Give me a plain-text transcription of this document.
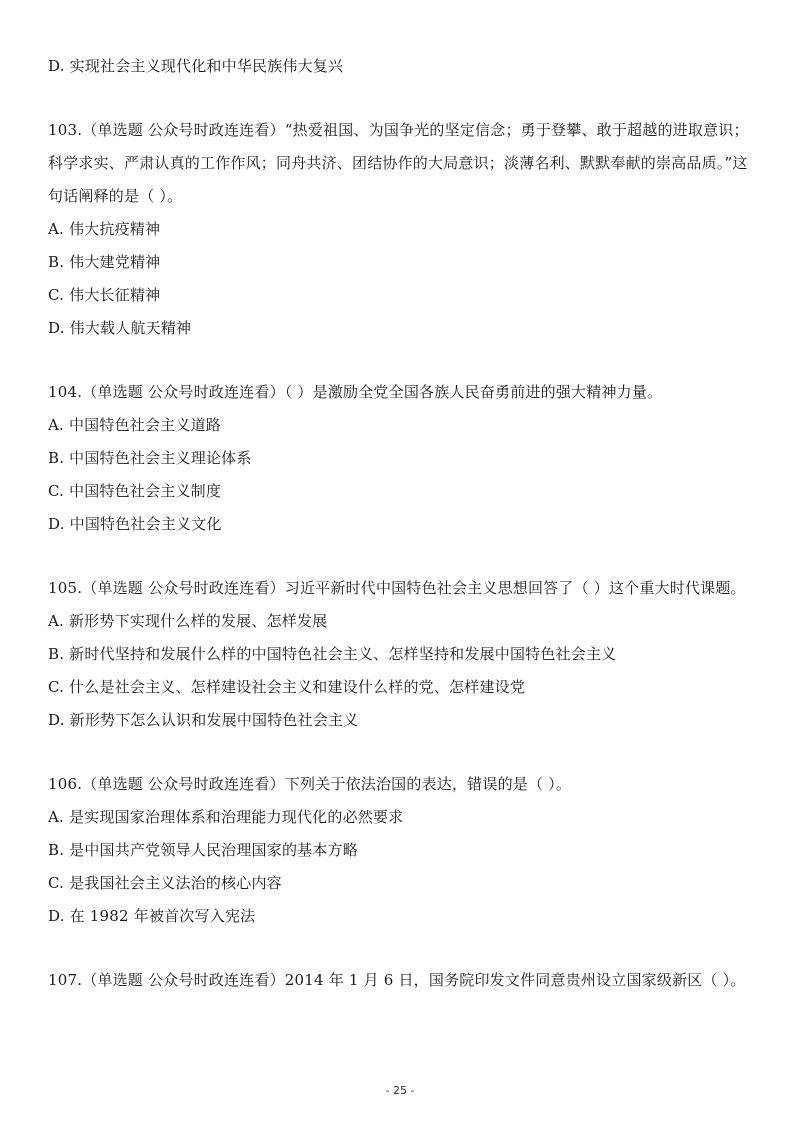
D. 实现社会主义现代化和中华民族伟大复兴
103.（单选题 公众号时政连连看）“热爱祖国、为国争光的坚定信念；勇于登攀、敢于超越的进取意识；科学求实、严肃认真的工作作风；同舟共济、团结协作的大局意识；淡薄名利、默默奉献的崇高品质。”这句话阐释的是（ ）。
A. 伟大抗疫精神
B. 伟大建党精神
C. 伟大长征精神
D. 伟大载人航天精神
104.（单选题 公众号时政连连看）（ ）是激励全党全国各族人民奋勇前进的强大精神力量。
A. 中国特色社会主义道路
B. 中国特色社会主义理论体系
C. 中国特色社会主义制度
D. 中国特色社会主义文化
105.（单选题 公众号时政连连看）习近平新时代中国特色社会主义思想回答了（ ）这个重大时代课题。
A. 新形势下实现什么样的发展、怎样发展
B. 新时代坚持和发展什么样的中国特色社会主义、怎样坚持和发展中国特色社会主义
C. 什么是社会主义、怎样建设社会主义和建设什么样的党、怎样建设党
D. 新形势下怎么认识和发展中国特色社会主义
106.（单选题 公众号时政连连看）下列关于依法治国的表达，错误的是（ ）。
A. 是实现国家治理体系和治理能力现代化的必然要求
B. 是中国共产党领导人民治理国家的基本方略
C. 是我国社会主义法治的核心内容
D. 在 1982 年被首次写入宪法
107.（单选题 公众号时政连连看）2014 年 1 月 6 日，国务院印发文件同意贵州设立国家级新区（ ）。
- 25 -
